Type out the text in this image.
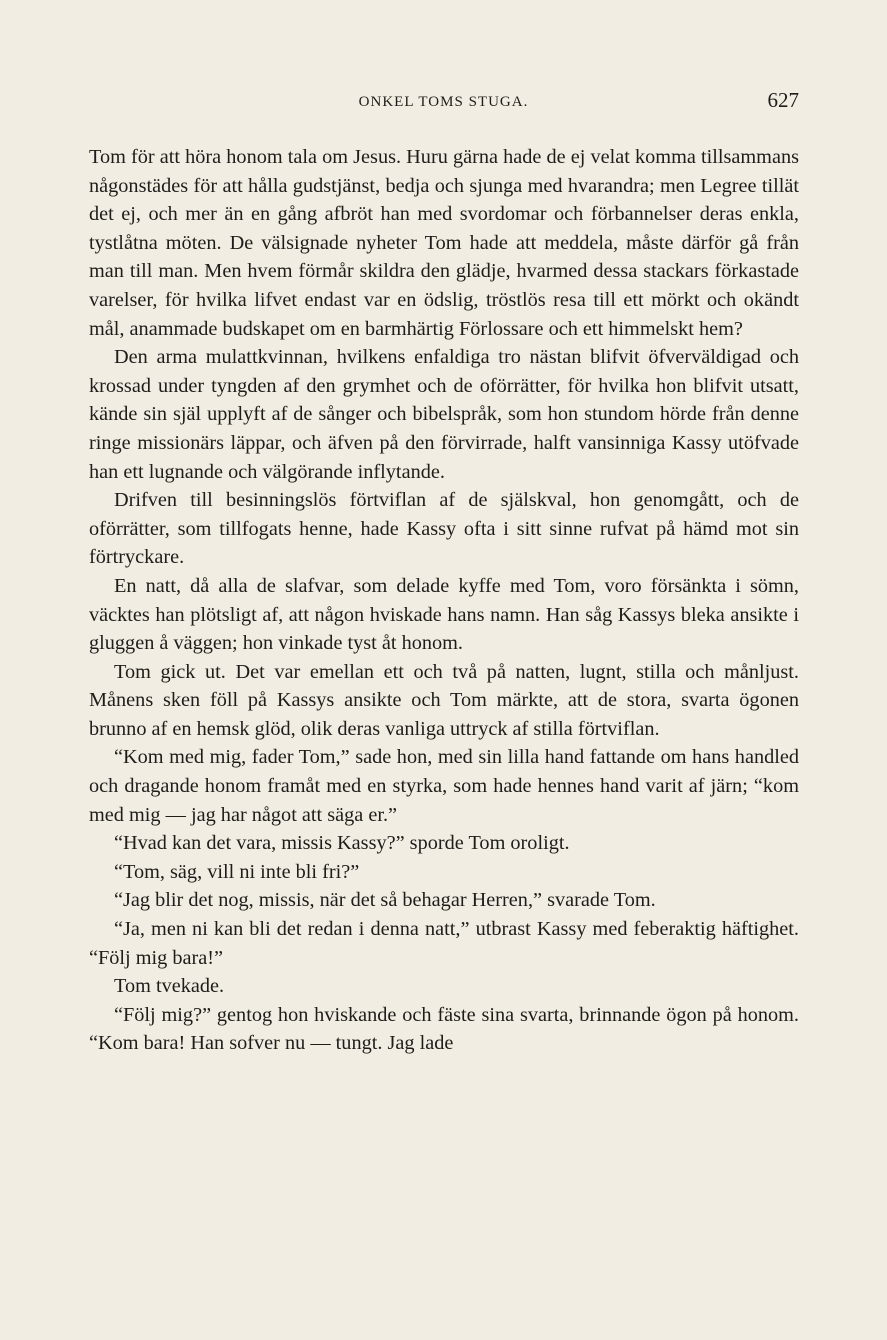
ONKEL TOMS STUGA.	627

Tom för att höra honom tala om Jesus. Huru gärna hade de ej velat komma tillsammans någonstädes för att hålla gudstjänst, bedja och sjunga med hvarandra; men Legree tillät det ej, och mer än en gång afbröt han med svordomar och förbannelser deras enkla, tystlåtna möten. De välsignade nyheter Tom hade att meddela, måste därför gå från man till man. Men hvem förmår skildra den glädje, hvarmed dessa stackars förkastade varelser, för hvilka lifvet endast var en ödslig, tröstlös resa till ett mörkt och okändt mål, anammade budskapet om en barmhärtig Förlossare och ett himmelskt hem?

Den arma mulattkvinnan, hvilkens enfaldiga tro nästan blifvit öfverväldigad och krossad under tyngden af den grymhet och de oförrätter, för hvilka hon blifvit utsatt, kände sin själ upplyft af de sånger och bibelspråk, som hon stundom hörde från denne ringe missionärs läppar, och äfven på den förvirrade, halft vansinniga Kassy utöfvade han ett lugnande och välgörande inflytande.

Drifven till besinningslös förtviflan af de själskval, hon genomgått, och de oförrätter, som tillfogats henne, hade Kassy ofta i sitt sinne rufvat på hämd mot sin förtryckare.

En natt, då alla de slafvar, som delade kyffe med Tom, voro försänkta i sömn, väcktes han plötsligt af, att någon hviskade hans namn. Han såg Kassys bleka ansikte i gluggen å väggen; hon vinkade tyst åt honom.

Tom gick ut. Det var emellan ett och två på natten, lugnt, stilla och månljust. Månens sken föll på Kassys ansikte och Tom märkte, att de stora, svarta ögonen brunno af en hemsk glöd, olik deras vanliga uttryck af stilla förtviflan.

“Kom med mig, fader Tom,” sade hon, med sin lilla hand fattande om hans handled och dragande honom framåt med en styrka, som hade hennes hand varit af järn; “kom med mig — jag har något att säga er.”

“Hvad kan det vara, missis Kassy?” sporde Tom oroligt.

“Tom, säg, vill ni inte bli fri?”

“Jag blir det nog, missis, när det så behagar Herren,” svarade Tom.

“Ja, men ni kan bli det redan i denna natt,” utbrast Kassy med feberaktig häftighet. “Följ mig bara!”

Tom tvekade.

“Följ mig?” gentog hon hviskande och fäste sina svarta, brinnande ögon på honom. “Kom bara! Han sofver nu — tungt. Jag lade
